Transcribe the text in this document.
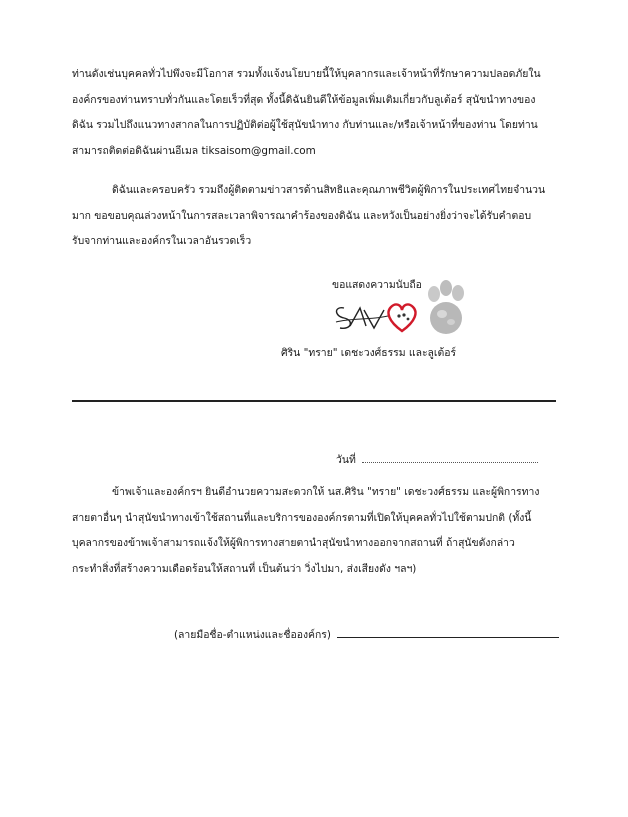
ท่านดังเช่นบุคคลทั่วไปพึงจะมีโอกาส รวมทั้งแจ้งนโยบายนี้ให้บุคลากรและเจ้าหน้าที่รักษาความปลอดภัยใน
องค์กรของท่านทราบทั่วกันและโดยเร็วที่สุด ทั้งนี้ดิฉันยินดีให้ข้อมูลเพิ่มเติมเกี่ยวกับลูเต้อร์ สุนัขนำทางของ
ดิฉัน รวมไปถึงแนวทางสากลในการปฏิบัติต่อผู้ใช้สุนัขนำทาง กับท่านและ/หรือเจ้าหน้าที่ของท่าน โดยท่าน
สามารถติดต่อดิฉันผ่านอีเมล tiksaisom@gmail.com
ดิฉันและครอบครัว รวมถึงผู้ติดตามข่าวสารด้านสิทธิและคุณภาพชีวิตผู้พิการในประเทศไทยจำนวน
มาก ขอขอบคุณล่วงหน้าในการสละเวลาพิจารณาคำร้องของดิฉัน และหวังเป็นอย่างยิ่งว่าจะได้รับคำตอบ
รับจากท่านและองค์กรในเวลาอันรวดเร็ว

ขอแสดงความนับถือ

ศิริน "ทราย" เดชะวงศ์ธรรม และลูเต้อร์

วันที่
ข้าพเจ้าและองค์กรฯ ยินดีอำนวยความสะดวกให้ นส.ศิริน "ทราย" เดชะวงศ์ธรรม และผู้พิการทาง
สายตาอื่นๆ นำสุนัขนำทางเข้าใช้สถานที่และบริการขององค์กรตามที่เปิดให้บุคคลทั่วไปใช้ตามปกติ (ทั้งนี้
บุคลากรของข้าพเจ้าสามารถแจ้งให้ผู้พิการทางสายตานำสุนัขนำทางออกจากสถานที่ ถ้าสุนัขดังกล่าว
กระทำสิ่งที่สร้างความเดือดร้อนให้สถานที่ เป็นต้นว่า วิ่งไปมา, ส่งเสียงดัง ฯลฯ)
(ลายมือชื่อ-ตำแหน่งและชื่อองค์กร)
